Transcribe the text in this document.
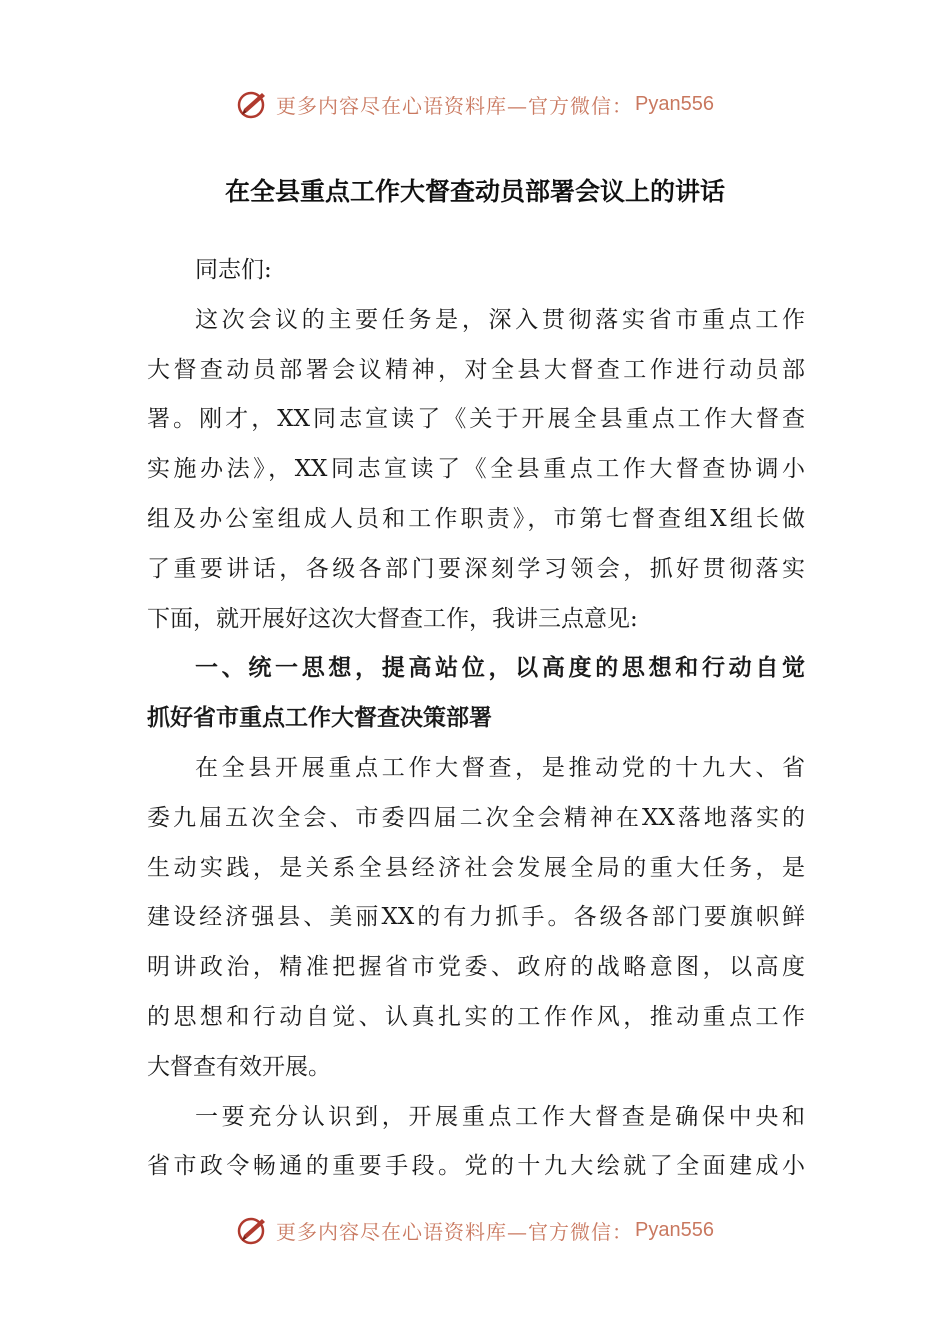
更多内容尽在心语资料库—官方微信： Pyan556
在全县重点工作大督查动员部署会议上的讲话
同志们:
这次会议的主要任务是，深入贯彻落实省市重点工作
大督查动员部署会议精神，对全县大督查工作进行动员部
署。刚才，XX同志宣读了《关于开展全县重点工作大督查
实施办法》，XX同志宣读了《全县重点工作大督查协调小
组及办公室组成人员和工作职责》，市第七督查组X组长做
了重要讲话，各级各部门要深刻学习领会，抓好贯彻落实
下面，就开展好这次大督查工作，我讲三点意见:
一、统一思想，提高站位，以高度的思想和行动自觉
抓好省市重点工作大督查决策部署
在全县开展重点工作大督查，是推动党的十九大、省
委九届五次全会、市委四届二次全会精神在XX落地落实的
生动实践，是关系全县经济社会发展全局的重大任务，是
建设经济强县、美丽XX的有力抓手。各级各部门要旗帜鲜
明讲政治，精准把握省市党委、政府的战略意图，以高度
的思想和行动自觉、认真扎实的工作作风，推动重点工作
大督查有效开展。
一要充分认识到，开展重点工作大督查是确保中央和
省市政令畅通的重要手段。党的十九大绘就了全面建成小
更多内容尽在心语资料库—官方微信： Pyan556
